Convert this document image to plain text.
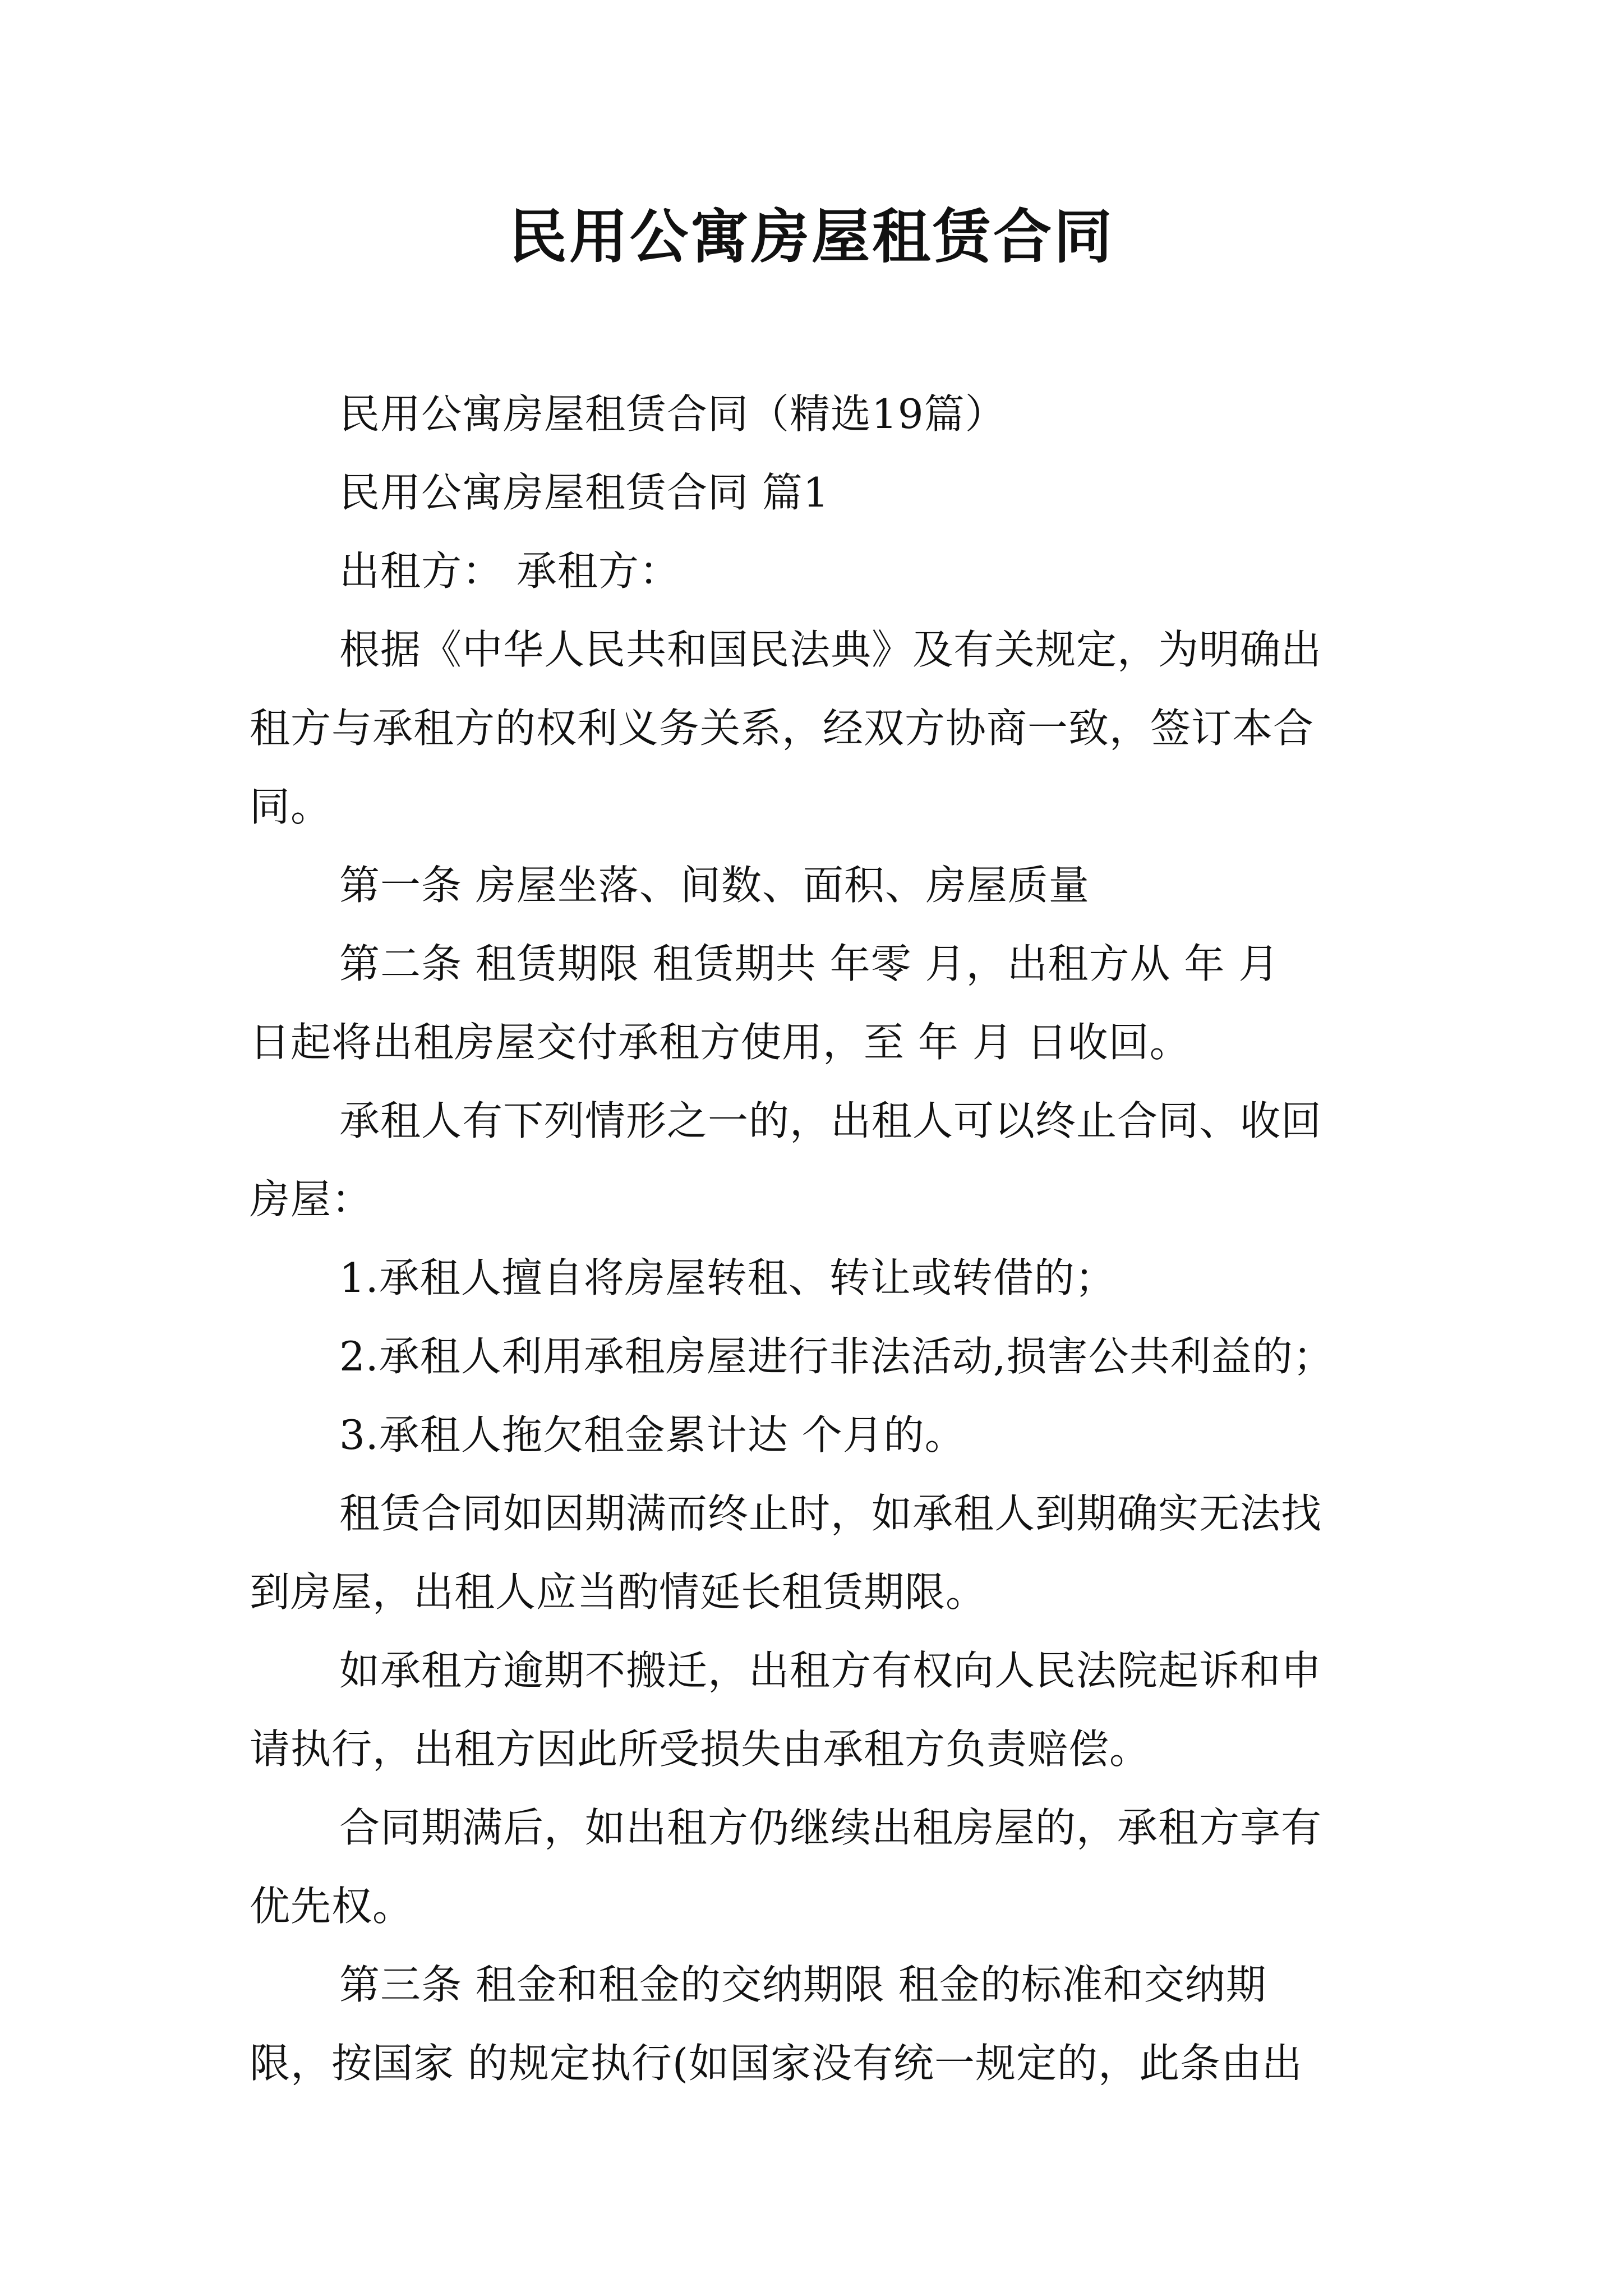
民用公寓房屋租赁合同

民用公寓房屋租赁合同（精选19篇）

民用公寓房屋租赁合同 篇1

出租方： 承租方：

根据《中华人民共和国民法典》及有关规定，为明确出

租方与承租方的权利义务关系，经双方协商一致，签订本合

同。

第一条 房屋坐落、间数、面积、房屋质量

第二条 租赁期限 租赁期共 年零 月，出租方从 年 月

日起将出租房屋交付承租方使用，至 年 月 日收回。

承租人有下列情形之一的，出租人可以终止合同、收回

房屋：

1.承租人擅自将房屋转租、转让或转借的；

2.承租人利用承租房屋进行非法活动,损害公共利益的；

3.承租人拖欠租金累计达 个月的。

租赁合同如因期满而终止时，如承租人到期确实无法找

到房屋，出租人应当酌情延长租赁期限。

如承租方逾期不搬迁，出租方有权向人民法院起诉和申

请执行，出租方因此所受损失由承租方负责赔偿。

合同期满后，如出租方仍继续出租房屋的，承租方享有

优先权。

第三条 租金和租金的交纳期限 租金的标准和交纳期

限，按国家 的规定执行(如国家没有统一规定的，此条由出
